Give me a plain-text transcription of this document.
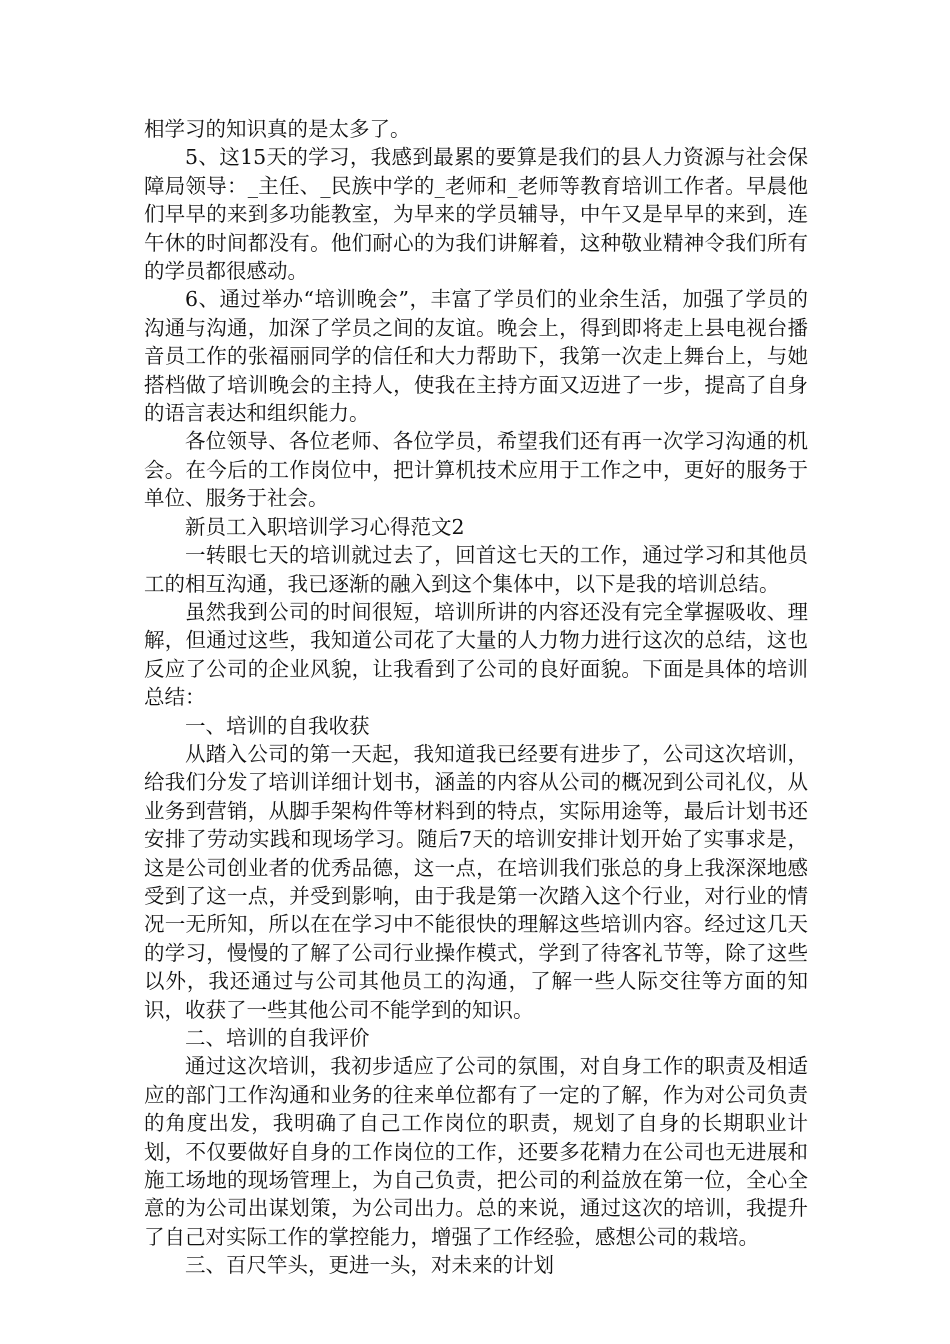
相学习的知识真的是太多了。

5、这15天的学习，我感到最累的要算是我们的县人力资源与社会保障局领导：_主任、_民族中学的_老师和_老师等教育培训工作者。早晨他们早早的来到多功能教室，为早来的学员辅导，中午又是早早的来到，连午休的时间都没有。他们耐心的为我们讲解着，这种敬业精神令我们所有的学员都很感动。

6、通过举办“培训晚会”，丰富了学员们的业余生活，加强了学员的沟通与沟通，加深了学员之间的友谊。晚会上，得到即将走上县电视台播音员工作的张福丽同学的信任和大力帮助下，我第一次走上舞台上，与她搭档做了培训晚会的主持人，使我在主持方面又迈进了一步，提高了自身的语言表达和组织能力。

各位领导、各位老师、各位学员，希望我们还有再一次学习沟通的机会。在今后的工作岗位中，把计算机技术应用于工作之中，更好的服务于单位、服务于社会。

新员工入职培训学习心得范文2

一转眼七天的培训就过去了，回首这七天的工作，通过学习和其他员工的相互沟通，我已逐渐的融入到这个集体中，以下是我的培训总结。

虽然我到公司的时间很短，培训所讲的内容还没有完全掌握吸收、理解，但通过这些，我知道公司花了大量的人力物力进行这次的总结，这也反应了公司的企业风貌，让我看到了公司的良好面貌。下面是具体的培训总结：

一、培训的自我收获

从踏入公司的第一天起，我知道我已经要有进步了，公司这次培训，给我们分发了培训详细计划书，涵盖的内容从公司的概况到公司礼仪，从业务到营销，从脚手架构件等材料到的特点，实际用途等，最后计划书还安排了劳动实践和现场学习。随后7天的培训安排计划开始了实事求是，这是公司创业者的优秀品德，这一点，在培训我们张总的身上我深深地感受到了这一点，并受到影响，由于我是第一次踏入这个行业，对行业的情况一无所知，所以在在学习中不能很快的理解这些培训内容。经过这几天的学习，慢慢的了解了公司行业操作模式，学到了待客礼节等，除了这些以外，我还通过与公司其他员工的沟通，了解一些人际交往等方面的知识，收获了一些其他公司不能学到的知识。

二、培训的自我评价

通过这次培训，我初步适应了公司的氛围，对自身工作的职责及相适应的部门工作沟通和业务的往来单位都有了一定的了解，作为对公司负责的角度出发，我明确了自己工作岗位的职责，规划了自身的长期职业计划，不仅要做好自身的工作岗位的工作，还要多花精力在公司也无进展和施工场地的现场管理上，为自己负责，把公司的利益放在第一位，全心全意的为公司出谋划策，为公司出力。总的来说，通过这次的培训，我提升了自己对实际工作的掌控能力，增强了工作经验，感想公司的栽培。

三、百尺竿头，更进一头，对未来的计划
